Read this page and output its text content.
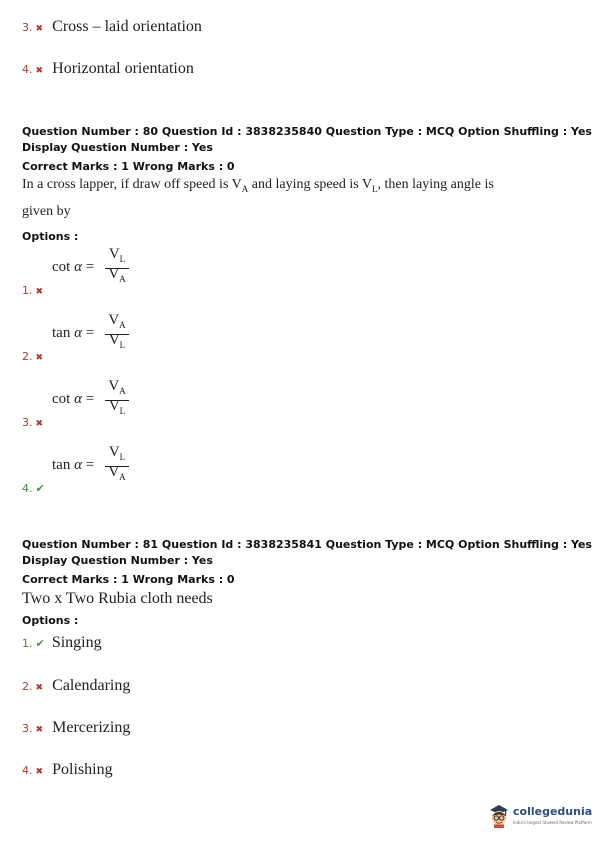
3. ✖ Cross – laid orientation
4. ✖ Horizontal orientation
Question Number : 80 Question Id : 3838235840 Question Type : MCQ Option Shuffling : Yes
Display Question Number : Yes
Correct Marks : 1 Wrong Marks : 0
In a cross lapper, if draw off speed is $V_A$ and laying speed is $V_L$, then laying angle is
given by
Options :
1. ✖
cot α =
$V_L$
$V_A$
2. ✖
tan α =
$V_A$
$V_L$
3. ✖
cot α =
$V_A$
$V_L$
4. ✔
tan α =
$V_L$
$V_A$
Question Number : 81 Question Id : 3838235841 Question Type : MCQ Option Shuffling : Yes
Display Question Number : Yes
Correct Marks : 1 Wrong Marks : 0
Two x Two Rubia cloth needs
Options :
1. ✔ Singing
2. ✖ Calendaring
3. ✖ Mercerizing
4. ✖ Polishing
collegedunia
India's largest Student Review Platform
